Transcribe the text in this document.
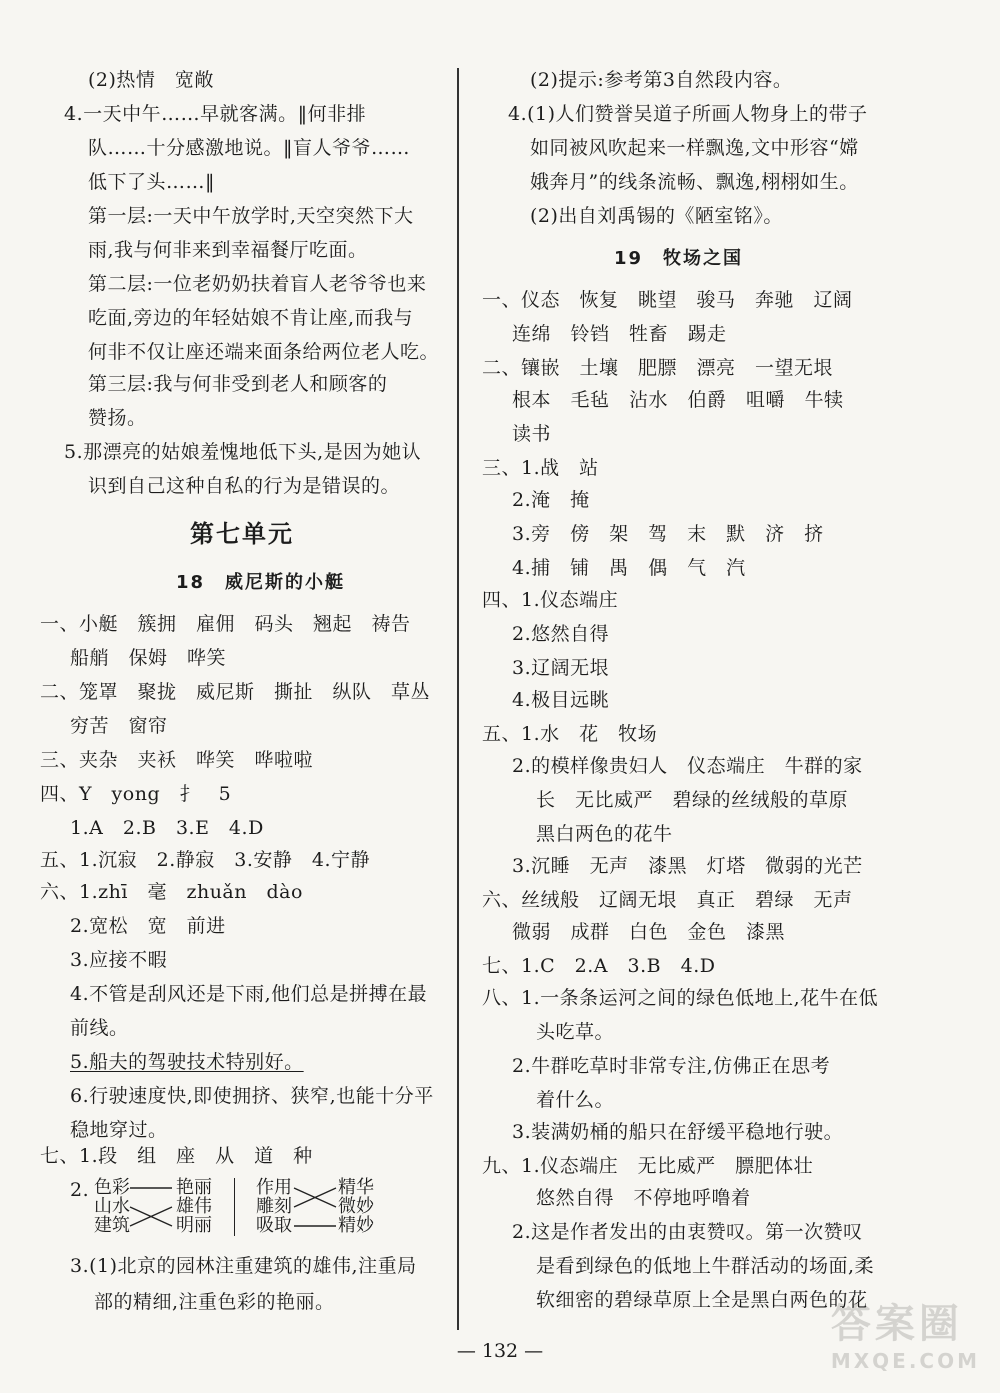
(2)热情　宽敞
4.一天中午……早就客满。‖何非排
队……十分感激地说。‖盲人爷爷……
低下了头……‖
第一层:一天中午放学时,天空突然下大
雨,我与何非来到幸福餐厅吃面。
第二层:一位老奶奶扶着盲人老爷爷也来
吃面,旁边的年轻姑娘不肯让座,而我与
何非不仅让座还端来面条给两位老人吃。
第三层:我与何非受到老人和顾客的
赞扬。
5.那漂亮的姑娘羞愧地低下头,是因为她认
识到自己这种自私的行为是错误的。
第七单元
18　威尼斯的小艇
一、小艇　簇拥　雇佣　码头　翘起　祷告
船艄　保姆　哗笑
二、笼罩　聚拢　威尼斯　撕扯　纵队　草丛
穷苦　窗帘
三、夹杂　夹袄　哗笑　哗啦啦
四、Y　yong　扌　5
1.A　2.B　3.E　4.D
五、1.沉寂　2.静寂　3.安静　4.宁静
六、1.zhī　毫　zhuǎn　dào
2.宽松　宽　前进
3.应接不暇
4.不管是刮风还是下雨,他们总是拼搏在最
前线。
5.船夫的驾驶技术特别好。
6.行驶速度快,即使拥挤、狭窄,也能十分平
稳地穿过。
七、1.段　组　座　从　道　种
2. 色彩
山水
建筑
艳丽
雄伟
明丽
作用
雕刻
吸取
精华
微妙
精妙
3.(1)北京的园林注重建筑的雄伟,注重局
部的精细,注重色彩的艳丽。
(2)提示:参考第3自然段内容。
4.(1)人们赞誉吴道子所画人物身上的带子
如同被风吹起来一样飘逸,文中形容“嫦
娥奔月”的线条流畅、飘逸,栩栩如生。
(2)出自刘禹锡的《陋室铭》。
19　牧场之国
一、仪态　恢复　眺望　骏马　奔驰　辽阔
连绵　铃铛　牲畜　踢走
二、镶嵌　土壤　肥膘　漂亮　一望无垠
根本　毛毡　沾水　伯爵　咀嚼　牛犊
读书
三、1.战　站
2.淹　掩
3.旁　傍　架　驾　末　默　济　挤
4.捕　铺　禺　偶　气　汽
四、1.仪态端庄
2.悠然自得
3.辽阔无垠
4.极目远眺
五、1.水　花　牧场
2.的模样像贵妇人　仪态端庄　牛群的家
长　无比威严　碧绿的丝绒般的草原
黑白两色的花牛
3.沉睡　无声　漆黑　灯塔　微弱的光芒
六、丝绒般　辽阔无垠　真正　碧绿　无声
微弱　成群　白色　金色　漆黑
七、1.C　2.A　3.B　4.D
八、1.一条条运河之间的绿色低地上,花牛在低
头吃草。
2.牛群吃草时非常专注,仿佛正在思考
着什么。
3.装满奶桶的船只在舒缓平稳地行驶。
九、1.仪态端庄　无比威严　膘肥体壮
悠然自得　不停地呼噜着
2.这是作者发出的由衷赞叹。第一次赞叹
是看到绿色的低地上牛群活动的场面,柔
软细密的碧绿草原上全是黑白两色的花
— 132 —
答案圈
MXQE.COM
